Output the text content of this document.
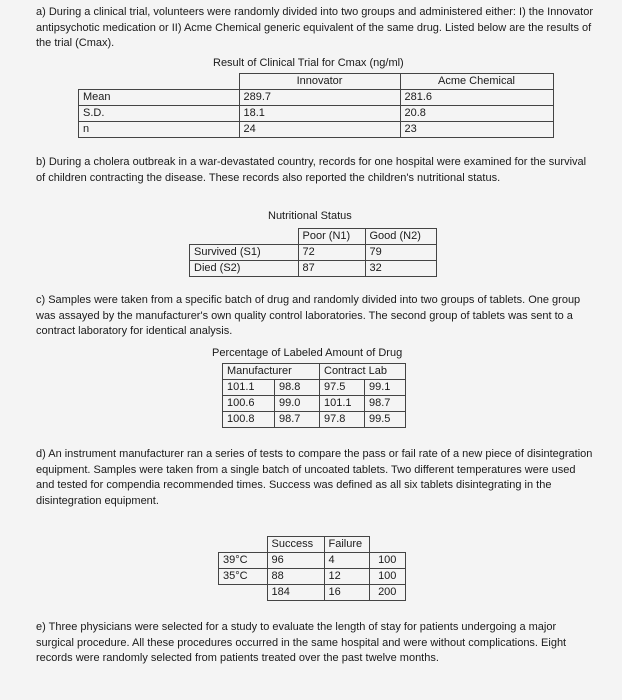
a) During a clinical trial, volunteers were randomly divided into two groups and administered either: I) the Innovator antipsychotic medication or II) Acme Chemical generic equivalent of the same drug. Listed below are the results of the trial (Cmax).

Result of Clinical Trial for Cmax (ng/ml)
	Innovator	Acme Chemical
Mean	289.7	281.6
S.D.	18.1	20.8
n	24	23

b) During a cholera outbreak in a war-devastated country, records for one hospital were examined for the survival of children contracting the disease. These records also reported the children's nutritional status.

Nutritional Status
	Poor (N1)	Good (N2)
Survived (S1)	72	79
Died (S2)	87	32

c) Samples were taken from a specific batch of drug and randomly divided into two groups of tablets. One group was assayed by the manufacturer's own quality control laboratories. The second group of tablets was sent to a contract laboratory for identical analysis.

Percentage of Labeled Amount of Drug
Manufacturer		Contract Lab	
101.1	98.8	97.5	99.1
100.6	99.0	101.1	98.7
100.8	98.7	97.8	99.5

d) An instrument manufacturer ran a series of tests to compare the pass or fail rate of a new piece of disintegration equipment. Samples were taken from a single batch of uncoated tablets. Two different temperatures were used and tested for compendia recommended times. Success was defined as all six tablets disintegrating in the disintegration equipment.

	Success	Failure	
39°C	96	4	100
35°C	88	12	100
	184	16	200

e) Three physicians were selected for a study to evaluate the length of stay for patients undergoing a major surgical procedure. All these procedures occurred in the same hospital and were without complications. Eight records were randomly selected from patients treated over the past twelve months.
